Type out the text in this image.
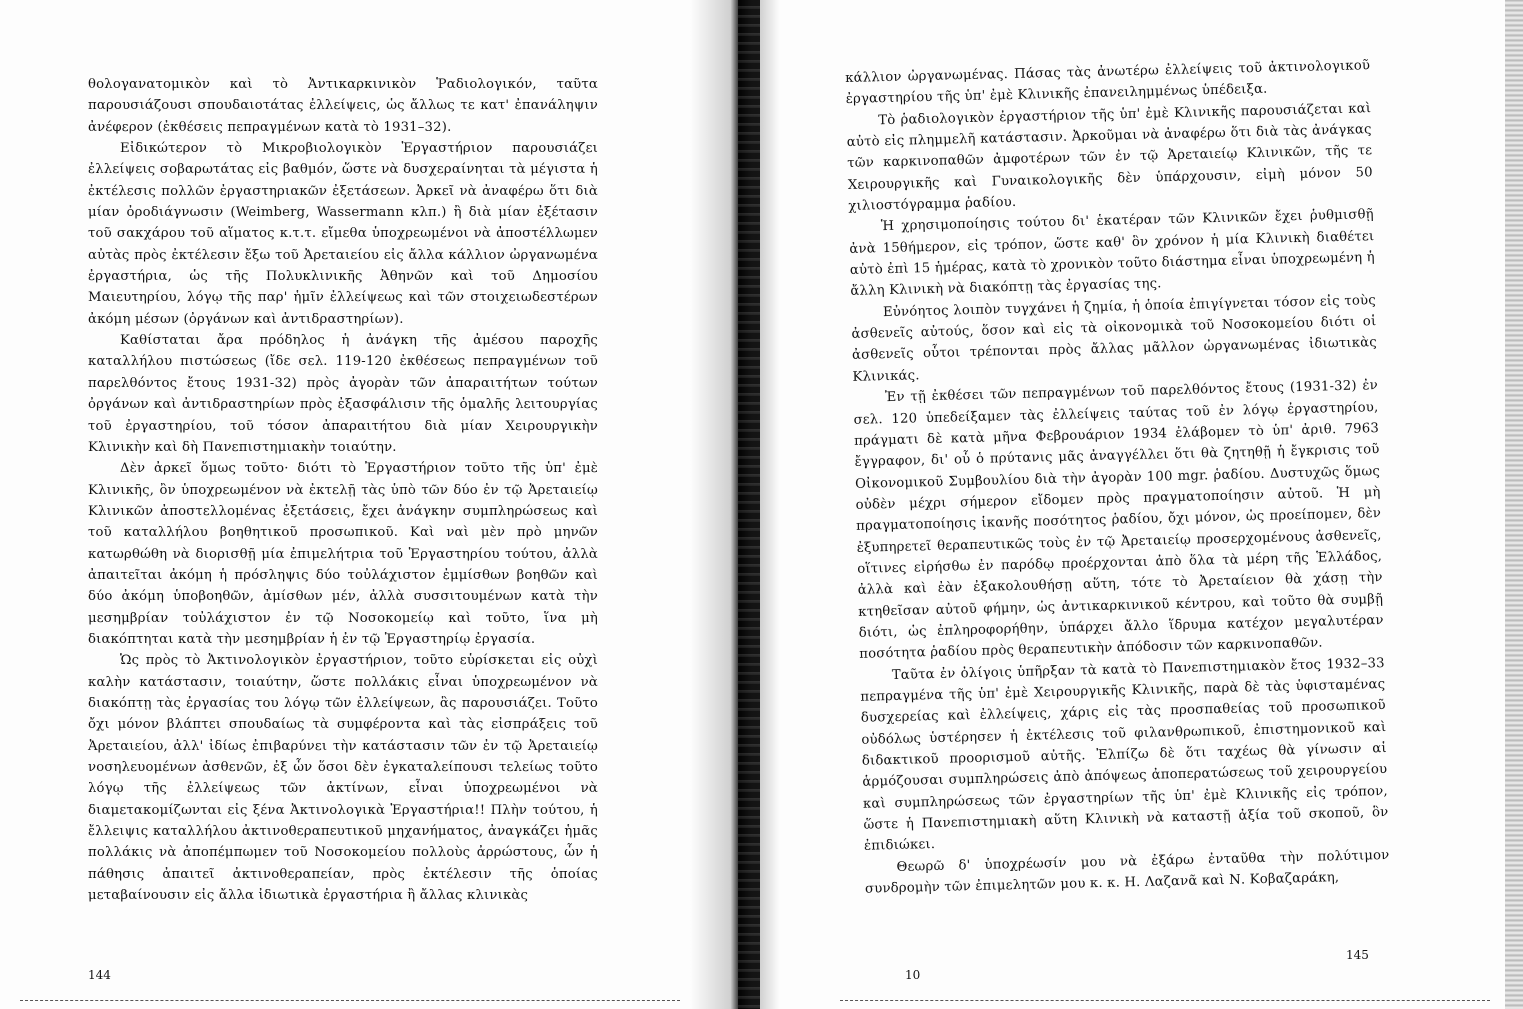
θολογανατομικὸν καὶ τὸ Ἀντικαρκινικὸν Ῥαδιολογικόν, ταῦτα παρουσιάζουσι σπουδαιοτάτας ἐλλείψεις, ὡς ἄλλως τε κατ' ἐπανάληψιν ἀνέφερον (ἐκθέσεις πεπραγμένων κατὰ τὸ 1931–32).

Εἰδικώτερον τὸ Μικροβιολογικὸν Ἐργαστήριον παρουσιάζει ἐλλείψεις σοβαρωτάτας εἰς βαθμόν, ὥστε νὰ δυσχεραίνηται τὰ μέγιστα ἡ ἐκτέλεσις πολλῶν ἐργαστηριακῶν ἐξετάσεων. Ἀρκεῖ νὰ ἀναφέρω ὅτι διὰ μίαν ὀροδιάγνωσιν (Weimberg, Wassermann κλπ.) ἢ διὰ μίαν ἐξέτασιν τοῦ σακχάρου τοῦ αἵματος κ.τ.τ. εἴμεθα ὑποχρεωμένοι νὰ ἀποστέλλωμεν αὐτὰς πρὸς ἐκτέλεσιν ἔξω τοῦ Ἀρεταιείου εἰς ἄλλα κάλλιον ὠργανωμένα ἐργαστήρια, ὡς τῆς Πολυκλινικῆς Ἀθηνῶν καὶ τοῦ Δημοσίου Μαιευτηρίου, λόγῳ τῆς παρ' ἡμῖν ἐλλείψεως καὶ τῶν στοιχειωδεστέρων ἀκόμη μέσων (ὀργάνων καὶ ἀντιδραστηρίων).

Καθίσταται ἄρα πρόδηλος ἡ ἀνάγκη τῆς ἀμέσου παροχῆς καταλλήλου πιστώσεως (ἴδε σελ. 119-120 ἐκθέσεως πεπραγμένων τοῦ παρελθόντος ἔτους 1931-32) πρὸς ἀγορὰν τῶν ἀπαραιτήτων τούτων ὀργάνων καὶ ἀντιδραστηρίων πρὸς ἐξασφάλισιν τῆς ὁμαλῆς λειτουργίας τοῦ ἐργαστηρίου, τοῦ τόσον ἀπαραιτήτου διὰ μίαν Χειρουργικὴν Κλινικὴν καὶ δὴ Πανεπιστημιακὴν τοιαύτην.

Δὲν ἀρκεῖ ὅμως τοῦτο· διότι τὸ Ἐργαστήριον τοῦτο τῆς ὑπ' ἐμὲ Κλινικῆς, ὂν ὑποχρεωμένον νὰ ἐκτελῇ τὰς ὑπὸ τῶν δύο ἐν τῷ Ἀρεταιείῳ Κλινικῶν ἀποστελλομένας ἐξετάσεις, ἔχει ἀνάγκην συμπληρώσεως καὶ τοῦ καταλλήλου βοηθητικοῦ προσωπικοῦ. Καὶ ναὶ μὲν πρὸ μηνῶν κατωρθώθη νὰ διορισθῇ μία ἐπιμελήτρια τοῦ Ἐργαστηρίου τούτου, ἀλλὰ ἀπαιτεῖται ἀκόμη ἡ πρόσληψις δύο τοὐλάχιστον ἐμμίσθων βοηθῶν καὶ δύο ἀκόμη ὑποβοηθῶν, ἀμίσθων μέν, ἀλλὰ συσσιτουμένων κατὰ τὴν μεσημβρίαν τοὐλάχιστον ἐν τῷ Νοσοκομείῳ καὶ τοῦτο, ἵνα μὴ διακόπτηται κατὰ τὴν μεσημβρίαν ἡ ἐν τῷ Ἐργαστηρίῳ ἐργασία.

Ὡς πρὸς τὸ Ἀκτινολογικὸν ἐργαστήριον, τοῦτο εὑρίσκεται εἰς οὐχὶ καλὴν κατάστασιν, τοιαύτην, ὥστε πολλάκις εἶναι ὑποχρεωμένον νὰ διακόπτῃ τὰς ἐργασίας του λόγῳ τῶν ἐλλείψεων, ἃς παρουσιάζει. Τοῦτο ὄχι μόνον βλάπτει σπουδαίως τὰ συμφέροντα καὶ τὰς εἰσπράξεις τοῦ Ἀρεταιείου, ἀλλ' ἰδίως ἐπιβαρύνει τὴν κατάστασιν τῶν ἐν τῷ Ἀρεταιείῳ νοσηλευομένων ἀσθενῶν, ἐξ ὧν ὅσοι δὲν ἐγκαταλείπουσι τελείως τοῦτο λόγῳ τῆς ἐλλείψεως τῶν ἀκτίνων, εἶναι ὑποχρεωμένοι νὰ διαμετακομίζωνται εἰς ξένα Ἀκτινολογικὰ Ἐργαστήρια!! Πλὴν τούτου, ἡ ἔλλειψις καταλλήλου ἀκτινοθεραπευτικοῦ μηχανήματος, ἀναγκάζει ἡμᾶς πολλάκις νὰ ἀποπέμπωμεν τοῦ Νοσοκομείου πολλοὺς ἀρρώστους, ὧν ἡ πάθησις ἀπαιτεῖ ἀκτινοθεραπείαν, πρὸς ἐκτέλεσιν τῆς ὁποίας μεταβαίνουσιν εἰς ἄλλα ἰδιωτικὰ ἐργαστήρια ἢ ἄλλας κλινικὰς

κάλλιον ὠργανωμένας. Πάσας τὰς ἀνωτέρω ἐλλείψεις τοῦ ἀκτινολογικοῦ ἐργαστηρίου τῆς ὑπ' ἐμὲ Κλινικῆς ἐπανειλημμένως ὑπέδειξα.

Τὸ ῥαδιολογικὸν ἐργαστήριον τῆς ὑπ' ἐμὲ Κλινικῆς παρουσιάζεται καὶ αὐτὸ εἰς πλημμελῆ κατάστασιν. Ἀρκοῦμαι νὰ ἀναφέρω ὅτι διὰ τὰς ἀνάγκας τῶν καρκινοπαθῶν ἀμφοτέρων τῶν ἐν τῷ Ἀρεταιείῳ Κλινικῶν, τῆς τε Χειρουργικῆς καὶ Γυναικολογικῆς δὲν ὑπάρχουσιν, εἰμὴ μόνον 50 χιλιοστόγραμμα ῥαδίου.

Ἡ χρησιμοποίησις τούτου δι' ἑκατέραν τῶν Κλινικῶν ἔχει ῥυθμισθῇ ἀνὰ 15θήμερον, εἰς τρόπον, ὥστε καθ' ὃν χρόνον ἡ μία Κλινικὴ διαθέτει αὐτὸ ἐπὶ 15 ἡμέρας, κατὰ τὸ χρονικὸν τοῦτο διάστημα εἶναι ὑποχρεωμένη ἡ ἄλλη Κλινικὴ νὰ διακόπτῃ τὰς ἐργασίας της.

Εὐνόητος λοιπὸν τυγχάνει ἡ ζημία, ἡ ὁποία ἐπιγίγνεται τόσον εἰς τοὺς ἀσθενεῖς αὐτούς, ὅσον καὶ εἰς τὰ οἰκονομικὰ τοῦ Νοσοκομείου διότι οἱ ἀσθενεῖς οὗτοι τρέπονται πρὸς ἄλλας μᾶλλον ὠργανωμένας ἰδιωτικὰς Κλινικάς.

Ἐν τῇ ἐκθέσει τῶν πεπραγμένων τοῦ παρελθόντος ἔτους (1931-32) ἐν σελ. 120 ὑπεδείξαμεν τὰς ἐλλείψεις ταύτας τοῦ ἐν λόγῳ ἐργαστηρίου, πράγματι δὲ κατὰ μῆνα Φεβρουάριον 1934 ἐλάβομεν τὸ ὑπ' ἀριθ. 7963 ἔγγραφον, δι' οὗ ὁ πρύτανις μᾶς ἀναγγέλλει ὅτι θὰ ζητηθῇ ἡ ἔγκρισις τοῦ Οἰκονομικοῦ Συμβουλίου διὰ τὴν ἀγορὰν 100 mgr. ῥαδίου. Δυστυχῶς ὅμως οὐδὲν μέχρι σήμερον εἴδομεν πρὸς πραγματοποίησιν αὐτοῦ. Ἡ μὴ πραγματοποίησις ἱκανῆς ποσότητος ῥαδίου, ὄχι μόνον, ὡς προείπομεν, δὲν ἐξυπηρετεῖ θεραπευτικῶς τοὺς ἐν τῷ Ἀρεταιείῳ προσερχομένους ἀσθενεῖς, οἵτινες εἰρήσθω ἐν παρόδῳ προέρχονται ἀπὸ ὅλα τὰ μέρη τῆς Ἑλλάδος, ἀλλὰ καὶ ἐὰν ἐξακολουθήσῃ αὕτη, τότε τὸ Ἀρεταίειον θὰ χάσῃ τὴν κτηθεῖσαν αὐτοῦ φήμην, ὡς ἀντικαρκινικοῦ κέντρου, καὶ τοῦτο θὰ συμβῇ διότι, ὡς ἐπληροφορήθην, ὑπάρχει ἄλλο ἵδρυμα κατέχον μεγαλυτέραν ποσότητα ῥαδίου πρὸς θεραπευτικὴν ἀπόδοσιν τῶν καρκινοπαθῶν.

Ταῦτα ἐν ὀλίγοις ὑπῆρξαν τὰ κατὰ τὸ Πανεπιστημιακὸν ἔτος 1932–33 πεπραγμένα τῆς ὑπ' ἐμὲ Χειρουργικῆς Κλινικῆς, παρὰ δὲ τὰς ὑφισταμένας δυσχερείας καὶ ἐλλείψεις, χάρις εἰς τὰς προσπαθείας τοῦ προσωπικοῦ οὐδόλως ὑστέρησεν ἡ ἐκτέλεσις τοῦ φιλανθρωπικοῦ, ἐπιστημονικοῦ καὶ διδακτικοῦ προορισμοῦ αὐτῆς. Ἐλπίζω δὲ ὅτι ταχέως θὰ γίνωσιν αἱ ἁρμόζουσαι συμπληρώσεις ἀπὸ ἀπόψεως ἀποπερατώσεως τοῦ χειρουργείου καὶ συμπληρώσεως τῶν ἐργαστηρίων τῆς ὑπ' ἐμὲ Κλινικῆς εἰς τρόπον, ὥστε ἡ Πανεπιστημιακὴ αὕτη Κλινικὴ νὰ καταστῇ ἀξία τοῦ σκοποῦ, ὃν ἐπιδιώκει.

Θεωρῶ δ' ὑποχρέωσίν μου νὰ ἐξάρω ἐνταῦθα τὴν πολύτιμον συνδρομὴν τῶν ἐπιμελητῶν μου κ. κ. Η. Λαζανᾶ καὶ Ν. Κοβαζαράκη,

144	10
145
